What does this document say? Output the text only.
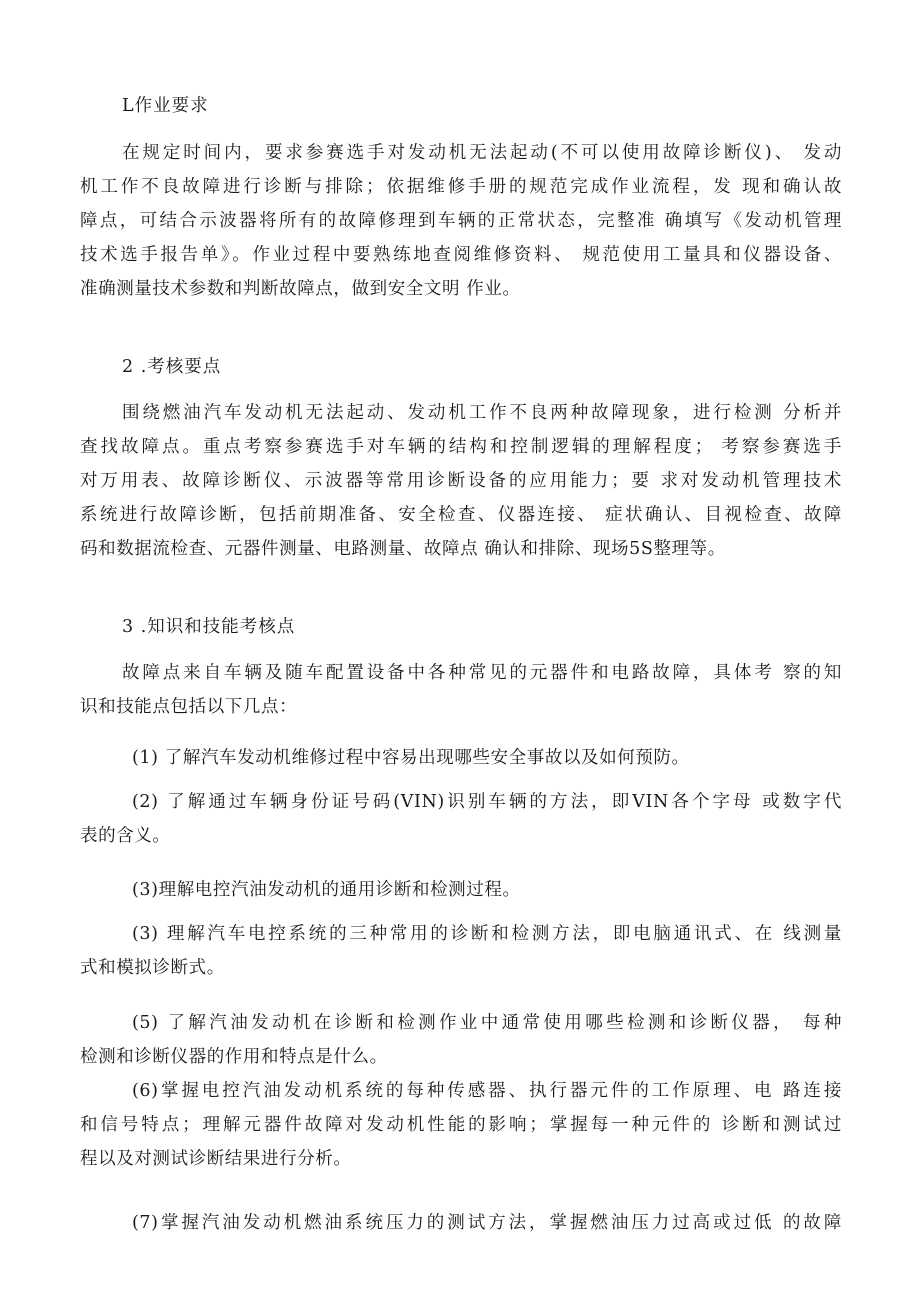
L作业要求
在规定时间内，要求参赛选手对发动机无法起动(不可以使用故障诊断仪)、 发动
机工作不良故障进行诊断与排除；依据维修手册的规范完成作业流程，发 现和确认故
障点，可结合示波器将所有的故障修理到车辆的正常状态，完整准 确填写《发动机管理
技术选手报告单》。作业过程中要熟练地查阅维修资料、 规范使用工量具和仪器设备、
准确测量技术参数和判断故障点，做到安全文明 作业。
2 .考核要点
围绕燃油汽车发动机无法起动、发动机工作不良两种故障现象，进行检测 分析并
查找故障点。重点考察参赛选手对车辆的结构和控制逻辑的理解程度； 考察参赛选手
对万用表、故障诊断仪、示波器等常用诊断设备的应用能力；要 求对发动机管理技术
系统进行故障诊断，包括前期准备、安全检查、仪器连接、 症状确认、目视检查、故障
码和数据流检查、元器件测量、电路测量、故障点 确认和排除、现场5S整理等。
3 .知识和技能考核点
故障点来自车辆及随车配置设备中各种常见的元器件和电路故障，具体考 察的知
识和技能点包括以下几点：
(1) 了解汽车发动机维修过程中容易出现哪些安全事故以及如何预防。
(2) 了解通过车辆身份证号码(VIN)识别车辆的方法，即VIN各个字母 或数字代
表的含义。
(3)理解电控汽油发动机的通用诊断和检测过程。
(3) 理解汽车电控系统的三种常用的诊断和检测方法，即电脑通讯式、在 线测量
式和模拟诊断式。
(5) 了解汽油发动机在诊断和检测作业中通常使用哪些检测和诊断仪器， 每种
检测和诊断仪器的作用和特点是什么。
(6)掌握电控汽油发动机系统的每种传感器、执行器元件的工作原理、电 路连接
和信号特点；理解元器件故障对发动机性能的影响；掌握每一种元件的 诊断和测试过
程以及对测试诊断结果进行分析。
(7)掌握汽油发动机燃油系统压力的测试方法，掌握燃油压力过高或过低 的故障
